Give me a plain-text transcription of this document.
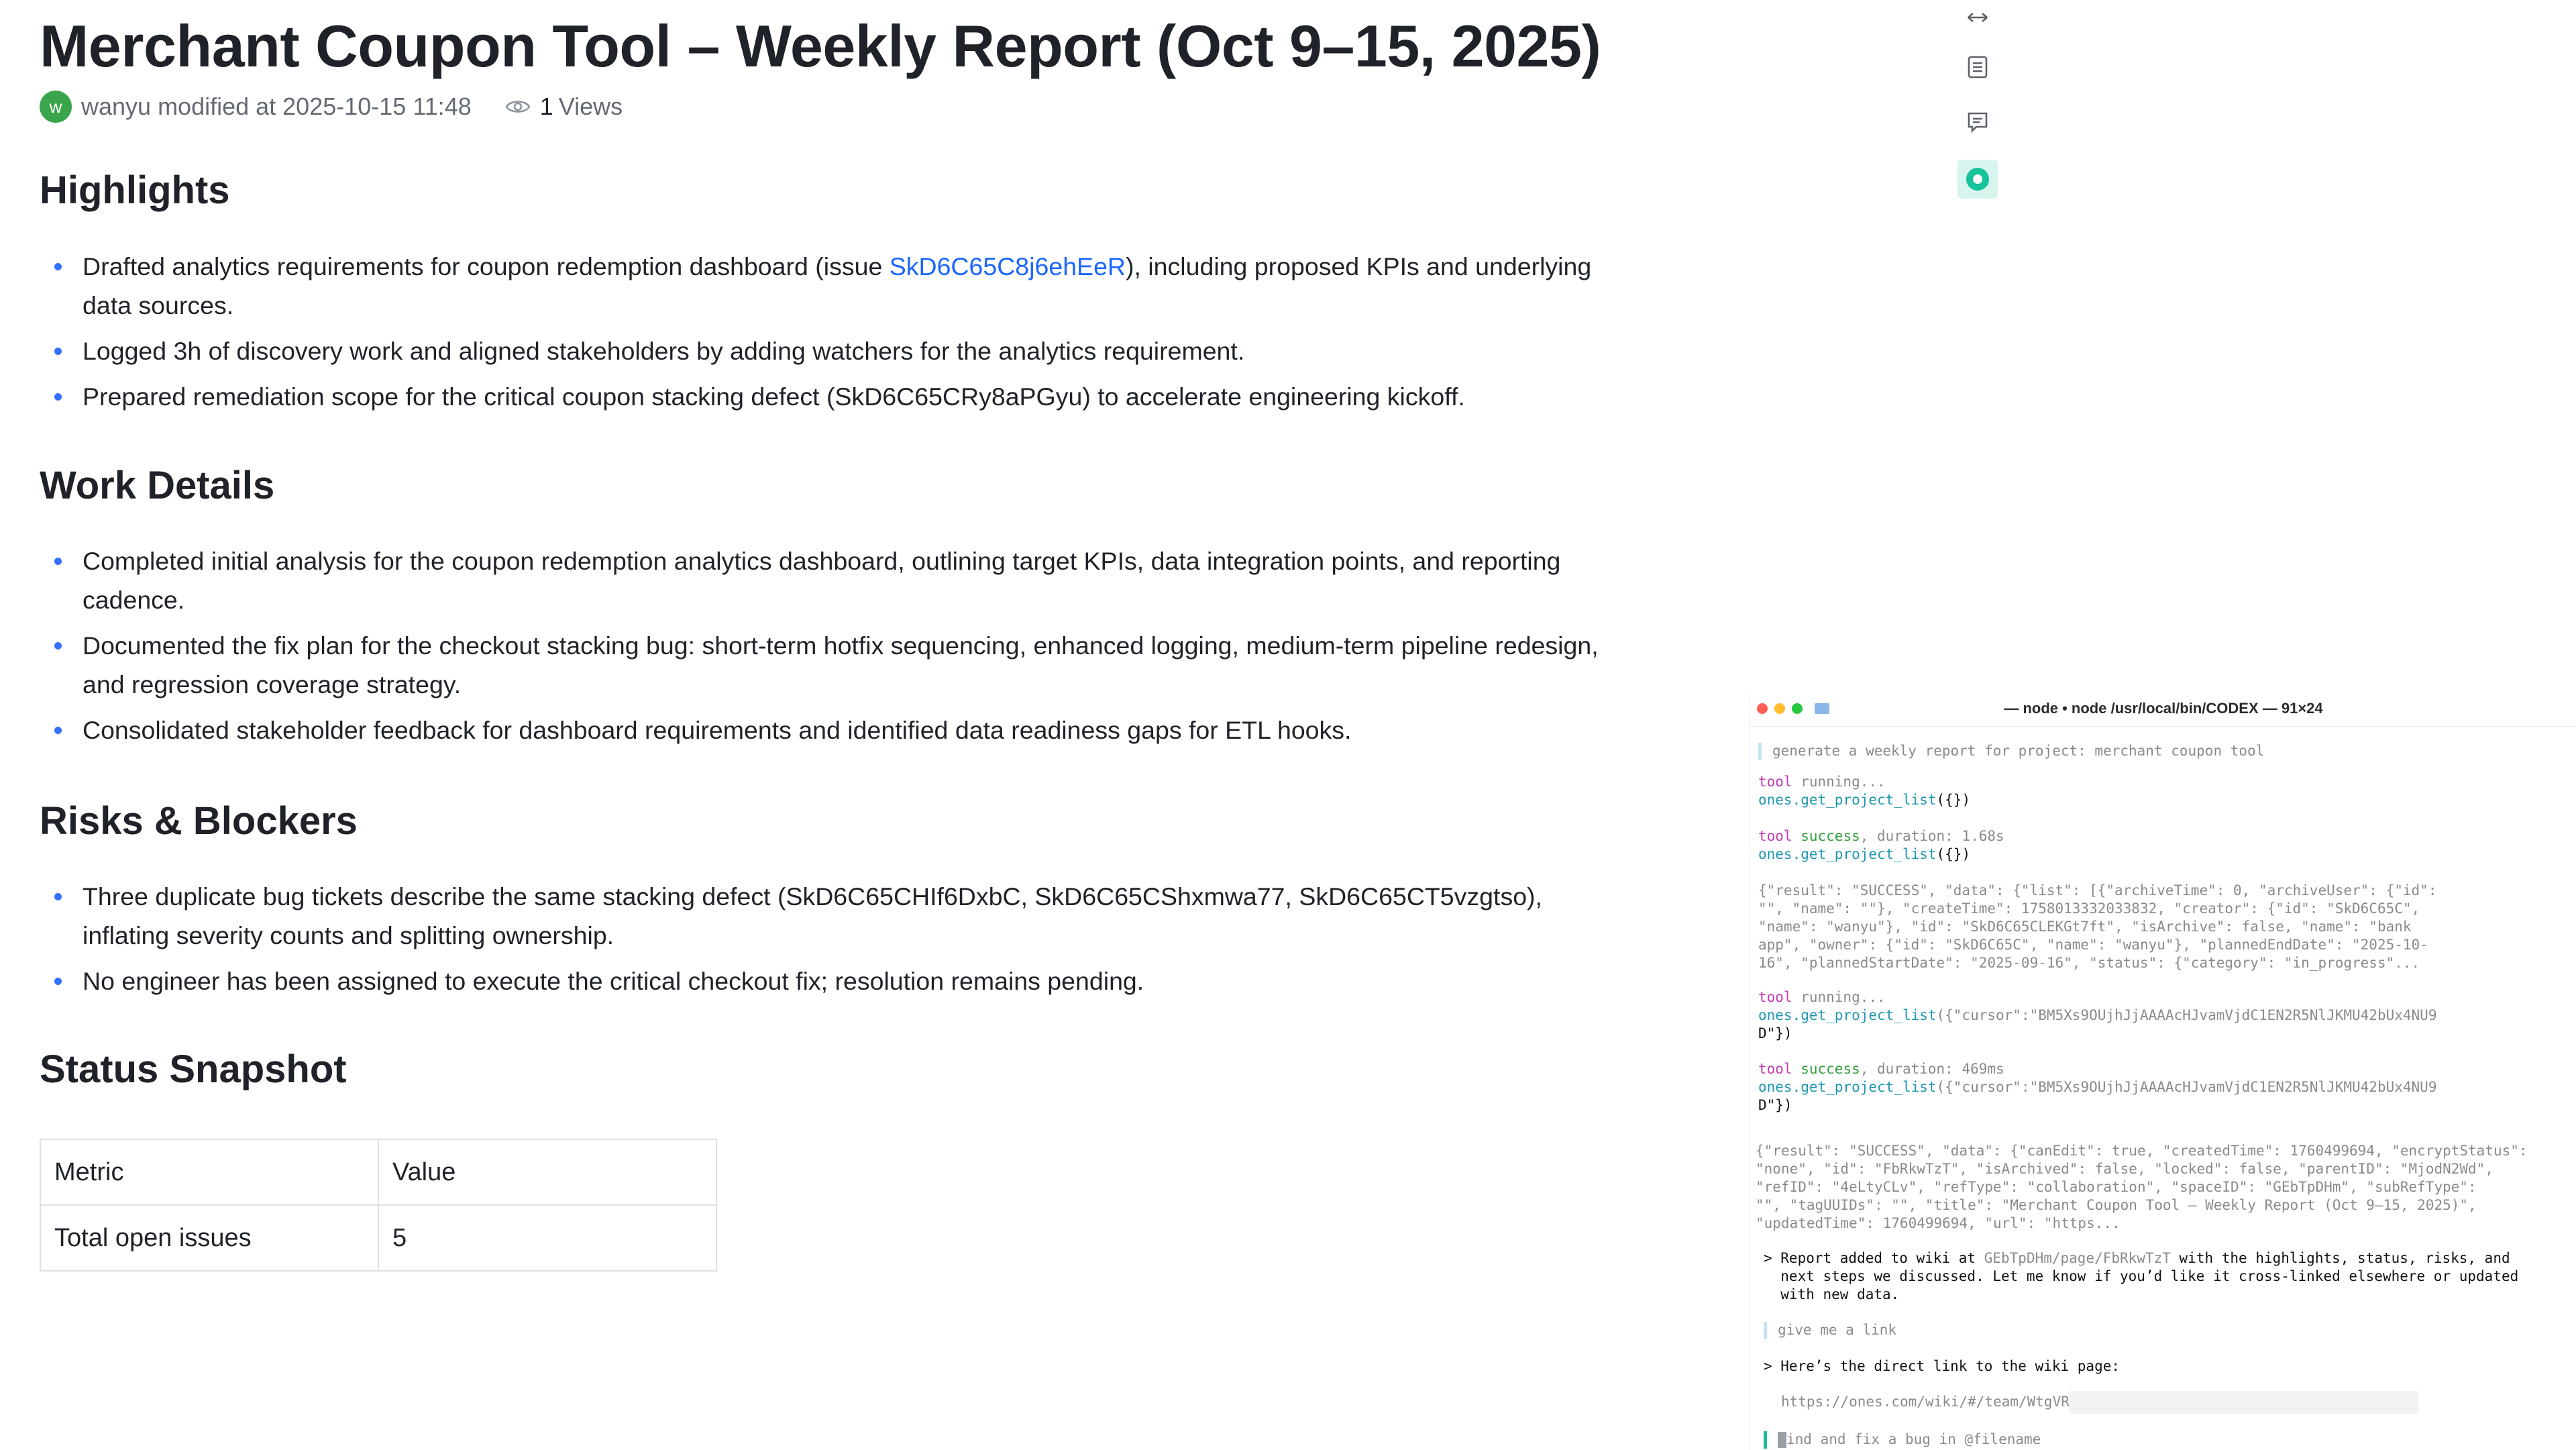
Merchant Coupon Tool – Weekly Report (Oct 9–15, 2025)
w wanyu modified at 2025-10-15 11:48	1 Views
Highlights
Drafted analytics requirements for coupon redemption dashboard (issue SkD6C65C8j6ehEeR), including proposed KPIs and underlying
data sources.
Logged 3h of discovery work and aligned stakeholders by adding watchers for the analytics requirement.
Prepared remediation scope for the critical coupon stacking defect (SkD6C65CRy8aPGyu) to accelerate engineering kickoff.
Work Details
Completed initial analysis for the coupon redemption analytics dashboard, outlining target KPIs, data integration points, and reporting
cadence.
Documented the fix plan for the checkout stacking bug: short-term hotfix sequencing, enhanced logging, medium-term pipeline redesign,
and regression coverage strategy.
Consolidated stakeholder feedback for dashboard requirements and identified data readiness gaps for ETL hooks.
Risks & Blockers
Three duplicate bug tickets describe the same stacking defect (SkD6C65CHIf6DxbC, SkD6C65CShxmwa77, SkD6C65CT5vzgtso),
inflating severity counts and splitting ownership.
No engineer has been assigned to execute the critical checkout fix; resolution remains pending.
Status Snapshot
Metric	Value
Total open issues	5
— node • node /usr/local/bin/CODEX — 91×24
generate a weekly report for project: merchant coupon tool
tool running...
ones.get_project_list({})
tool success, duration: 1.68s
ones.get_project_list({})
{"result": "SUCCESS", "data": {"list": [{"archiveTime": 0, "archiveUser": {"id":
"", "name": ""}, "createTime": 1758013332033832, "creator": {"id": "SkD6C65C",
"name": "wanyu"}, "id": "SkD6C65CLEKGt7ft", "isArchive": false, "name": "bank
app", "owner": {"id": "SkD6C65C", "name": "wanyu"}, "plannedEndDate": "2025-10-
16", "plannedStartDate": "2025-09-16", "status": {"category": "in_progress"...
tool running...
ones.get_project_list({"cursor":"BM5Xs9OUjhJjAAAAcHJvamVjdC1EN2R5NlJKMU42bUx4NU9
D"})
tool success, duration: 469ms
ones.get_project_list({"cursor":"BM5Xs9OUjhJjAAAAcHJvamVjdC1EN2R5NlJKMU42bUx4NU9
D"})
{"result": "SUCCESS", "data": {"canEdit": true, "createdTime": 1760499694, "encryptStatus":
"none", "id": "FbRkwTzT", "isArchived": false, "locked": false, "parentID": "MjodN2Wd",
"refID": "4eLtyCLv", "refType": "collaboration", "spaceID": "GEbTpDHm", "subRefType":
"", "tagUUIDs": "", "title": "Merchant Coupon Tool – Weekly Report (Oct 9–15, 2025)",
"updatedTime": 1760499694, "url": "https...
> Report added to wiki at GEbTpDHm/page/FbRkwTzT with the highlights, status, risks, and
next steps we discussed. Let me know if you’d like it cross-linked elsewhere or updated
with new data.
give me a link
> Here’s the direct link to the wiki page:
https://ones.com/wiki/#/team/WtgVR
ind and fix a bug in @filename
